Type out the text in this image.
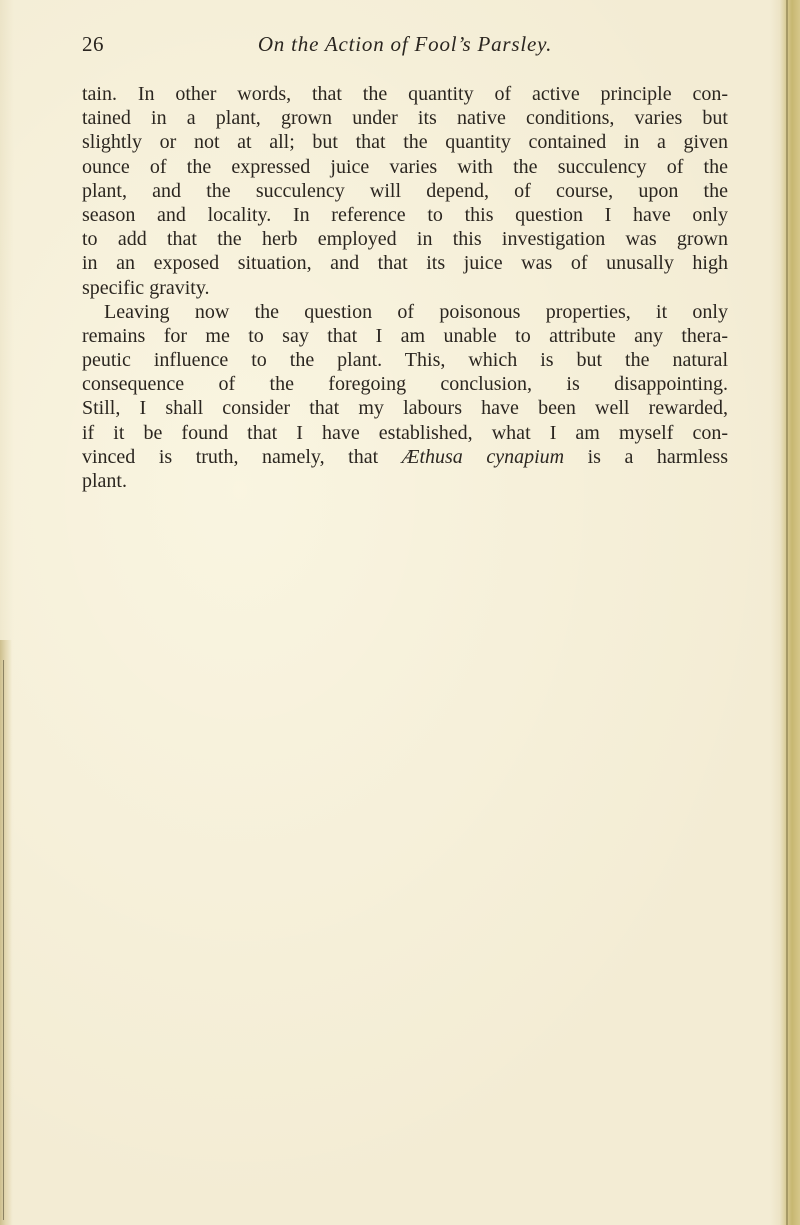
26	On the Action of Fool’s Parsley.
tain. In other words, that the quantity of active principle con-
tained in a plant, grown under its native conditions, varies but
slightly or not at all; but that the quantity contained in a given
ounce of the expressed juice varies with the succulency of the
plant, and the succulency will depend, of course, upon the
season and locality. In reference to this question I have only
to add that the herb employed in this investigation was grown
in an exposed situation, and that its juice was of unusally high
specific gravity.
Leaving now the question of poisonous properties, it only
remains for me to say that I am unable to attribute any thera-
peutic influence to the plant. This, which is but the natural
consequence of the foregoing conclusion, is disappointing.
Still, I shall consider that my labours have been well rewarded,
if it be found that I have established, what I am myself con-
vinced is truth, namely, that Æthusa cynapium is a harmless
plant.
